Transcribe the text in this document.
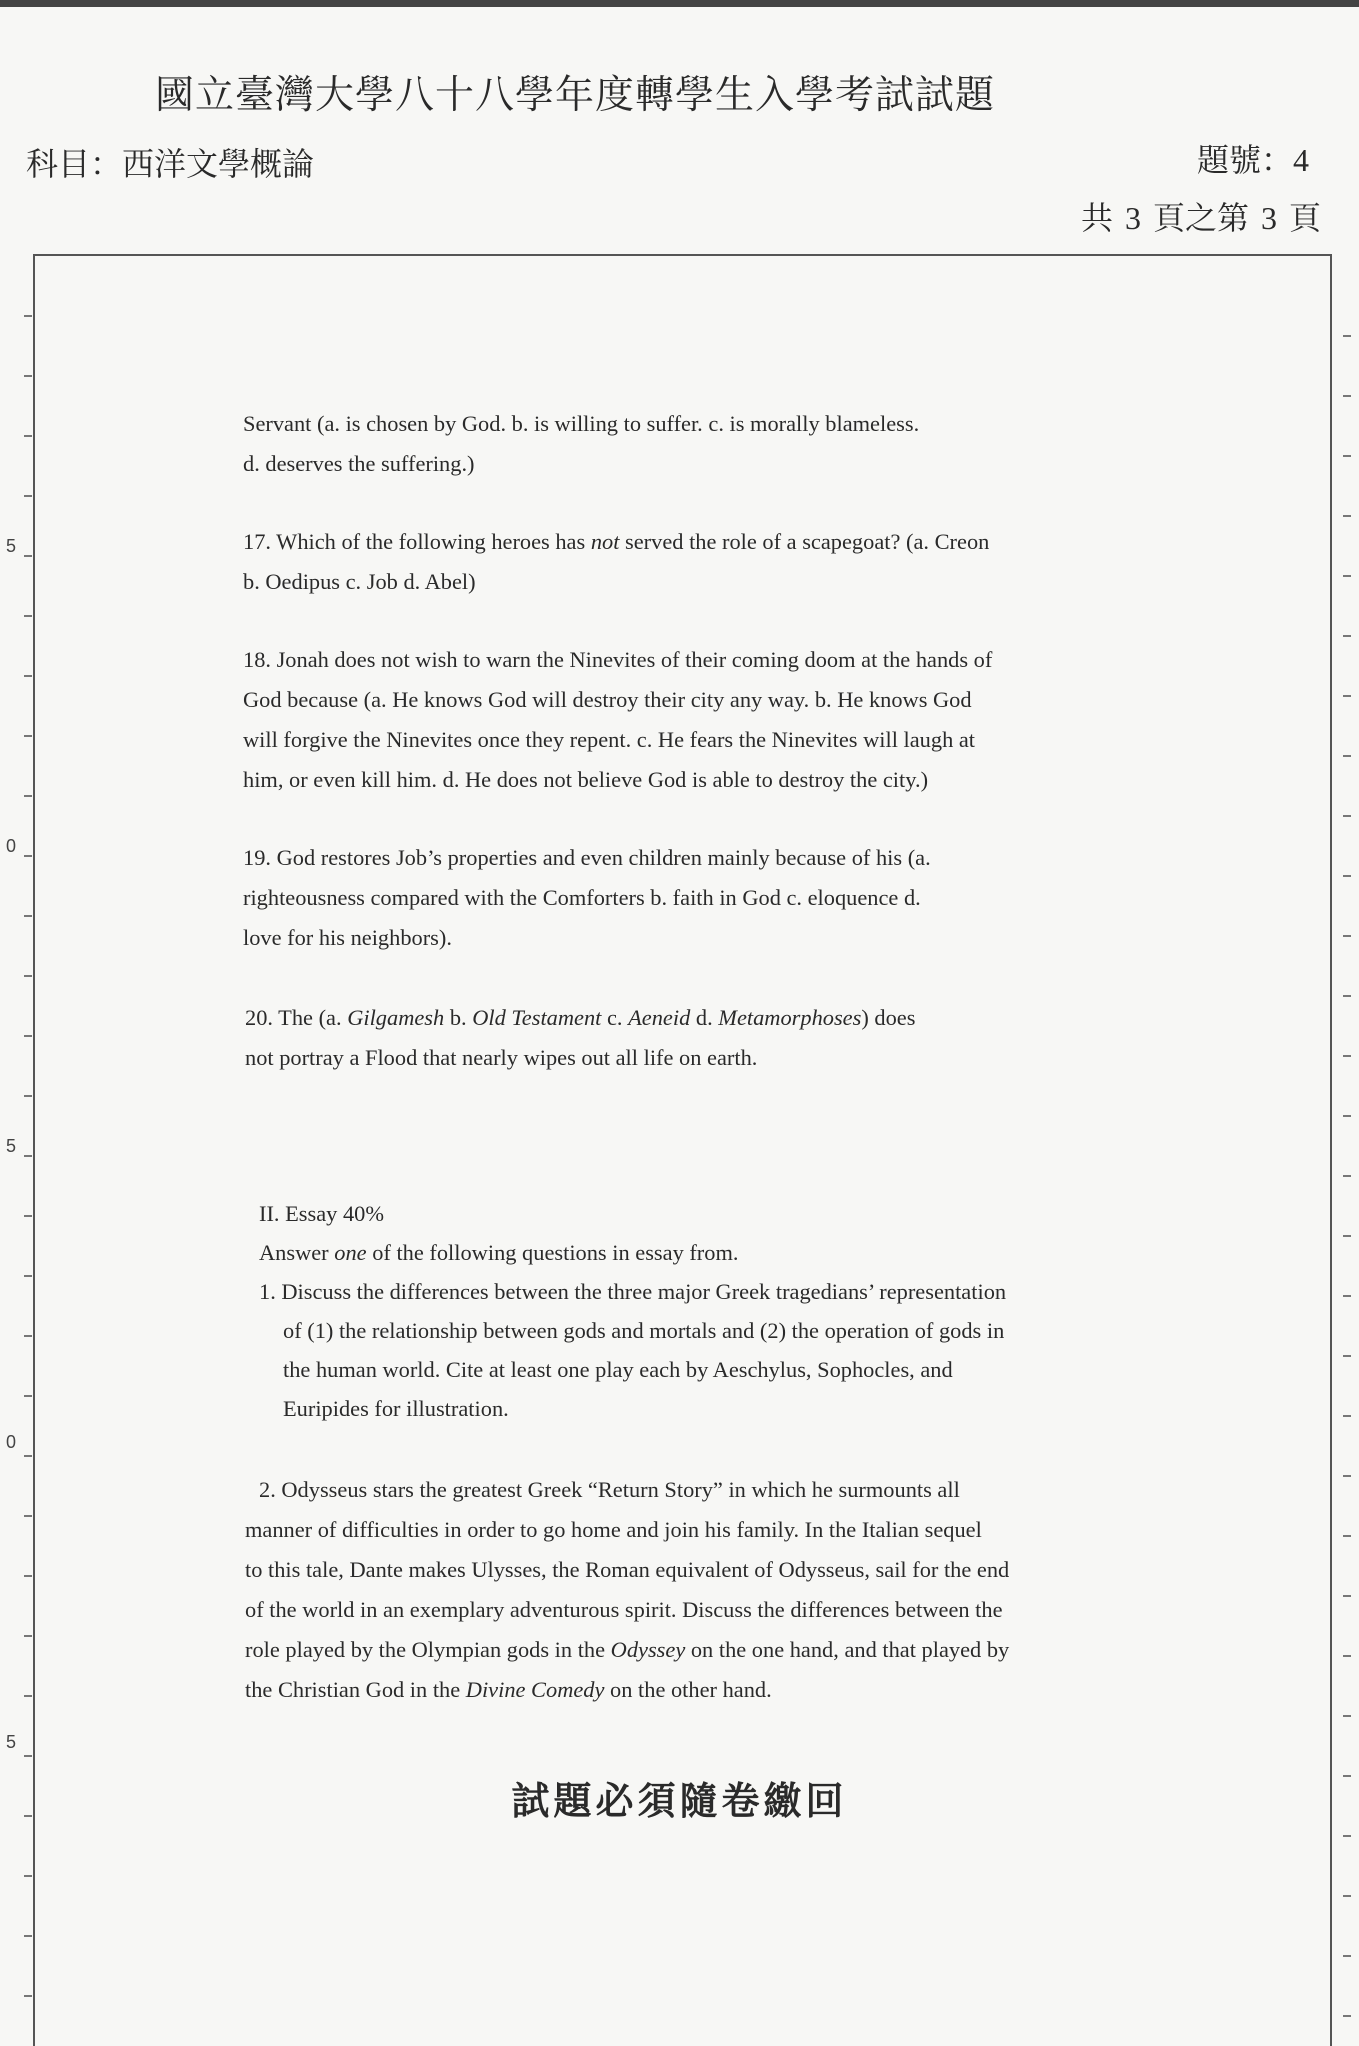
國立臺灣大學八十八學年度轉學生入學考試試題
科目：西洋文學概論	題號：4
共 3 頁之第 3 頁
5
0
5
0
5

Servant (a. is chosen by God. b. is willing to suffer. c. is morally blameless.

d. deserves the suffering.)

17. Which of the following heroes has not served the role of a scapegoat? (a. Creon

b. Oedipus c. Job d. Abel)

18. Jonah does not wish to warn the Ninevites of their coming doom at the hands of

God because (a. He knows God will destroy their city any way. b. He knows God

will forgive the Ninevites once they repent. c. He fears the Ninevites will laugh at

him, or even kill him. d. He does not believe God is able to destroy the city.)

19. God restores Job’s properties and even children mainly because of his (a.

righteousness compared with the Comforters b. faith in God c. eloquence d.

love for his neighbors).

20. The (a. Gilgamesh b. Old Testament c. Aeneid d. Metamorphoses) does

not portray a Flood that nearly wipes out all life on earth.

II. Essay 40%

Answer one of the following questions in essay from.

1. Discuss the differences between the three major Greek tragedians’ representation

of (1) the relationship between gods and mortals and (2) the operation of gods in

the human world. Cite at least one play each by Aeschylus, Sophocles, and

Euripides for illustration.

2. Odysseus stars the greatest Greek “Return Story” in which he surmounts all

manner of difficulties in order to go home and join his family. In the Italian sequel

to this tale, Dante makes Ulysses, the Roman equivalent of Odysseus, sail for the end

of the world in an exemplary adventurous spirit. Discuss the differences between the

role played by the Olympian gods in the Odyssey on the one hand, and that played by

the Christian God in the Divine Comedy on the other hand.

試題必須隨卷繳回
